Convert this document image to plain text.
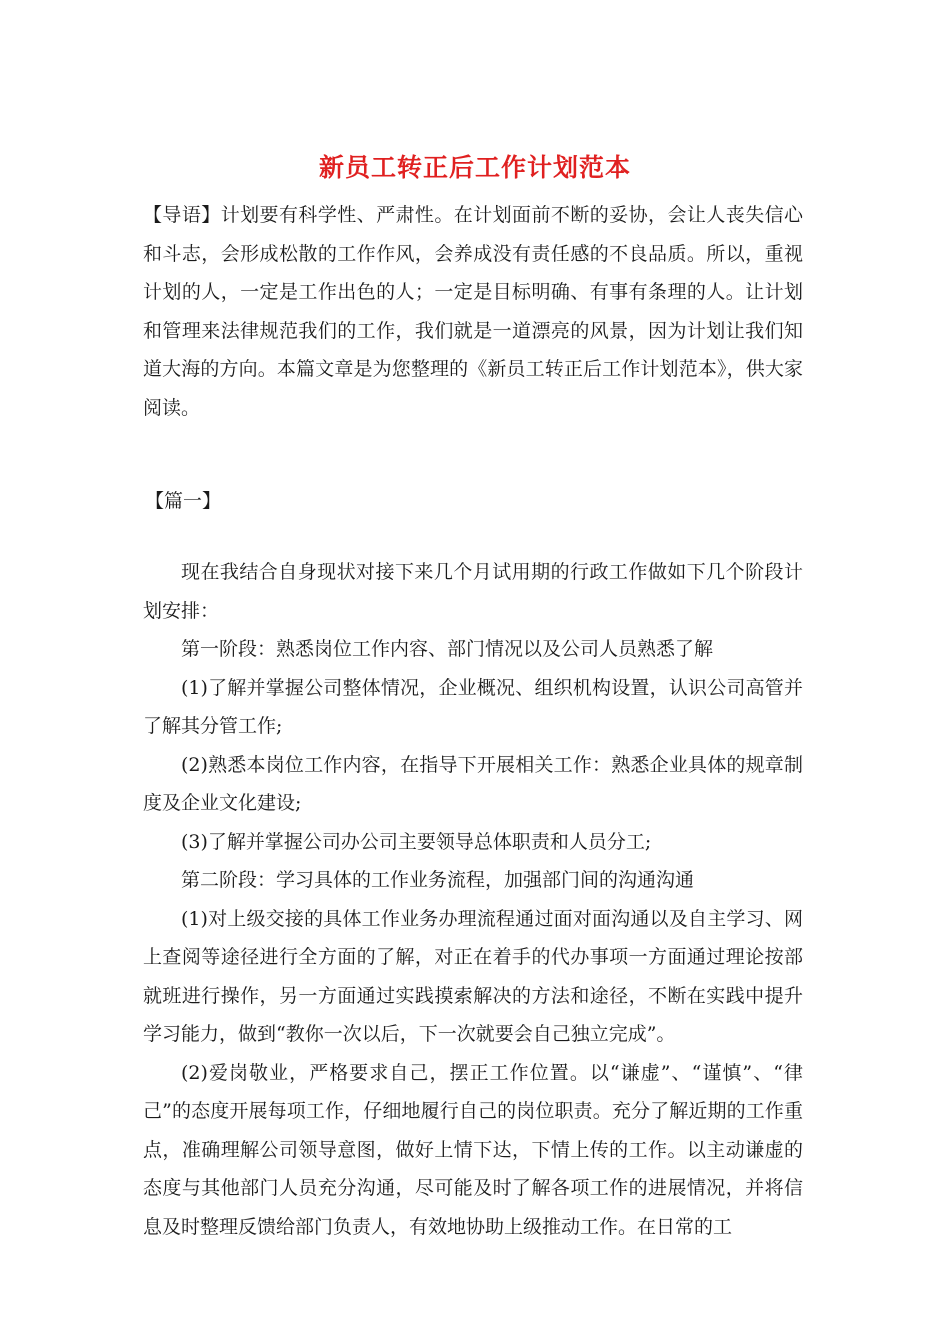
新员工转正后工作计划范本

【导语】计划要有科学性、严肃性。在计划面前不断的妥协，会让人丧失信心和斗志，会形成松散的工作作风，会养成没有责任感的不良品质。所以，重视计划的人，一定是工作出色的人；一定是目标明确、有事有条理的人。让计划和管理来法律规范我们的工作，我们就是一道漂亮的风景，因为计划让我们知道大海的方向。本篇文章是为您整理的《新员工转正后工作计划范本》，供大家阅读。

【篇一】

现在我结合自身现状对接下来几个月试用期的行政工作做如下几个阶段计划安排：

第一阶段：熟悉岗位工作内容、部门情况以及公司人员熟悉了解

(1)了解并掌握公司整体情况，企业概况、组织机构设置，认识公司高管并了解其分管工作;

(2)熟悉本岗位工作内容，在指导下开展相关工作：熟悉企业具体的规章制度及企业文化建设;

(3)了解并掌握公司办公司主要领导总体职责和人员分工;

第二阶段：学习具体的工作业务流程，加强部门间的沟通沟通

(1)对上级交接的具体工作业务办理流程通过面对面沟通以及自主学习、网上查阅等途径进行全方面的了解，对正在着手的代办事项一方面通过理论按部就班进行操作，另一方面通过实践摸索解决的方法和途径，不断在实践中提升学习能力，做到“教你一次以后，下一次就要会自己独立完成”。

(2)爱岗敬业，严格要求自己，摆正工作位置。以“谦虚”、“谨慎”、“律己”的态度开展每项工作，仔细地履行自己的岗位职责。充分了解近期的工作重点，准确理解公司领导意图，做好上情下达，下情上传的工作。以主动谦虚的态度与其他部门人员充分沟通，尽可能及时了解各项工作的进展情况，并将信息及时整理反馈给部门负责人，有效地协助上级推动工作。在日常的工
